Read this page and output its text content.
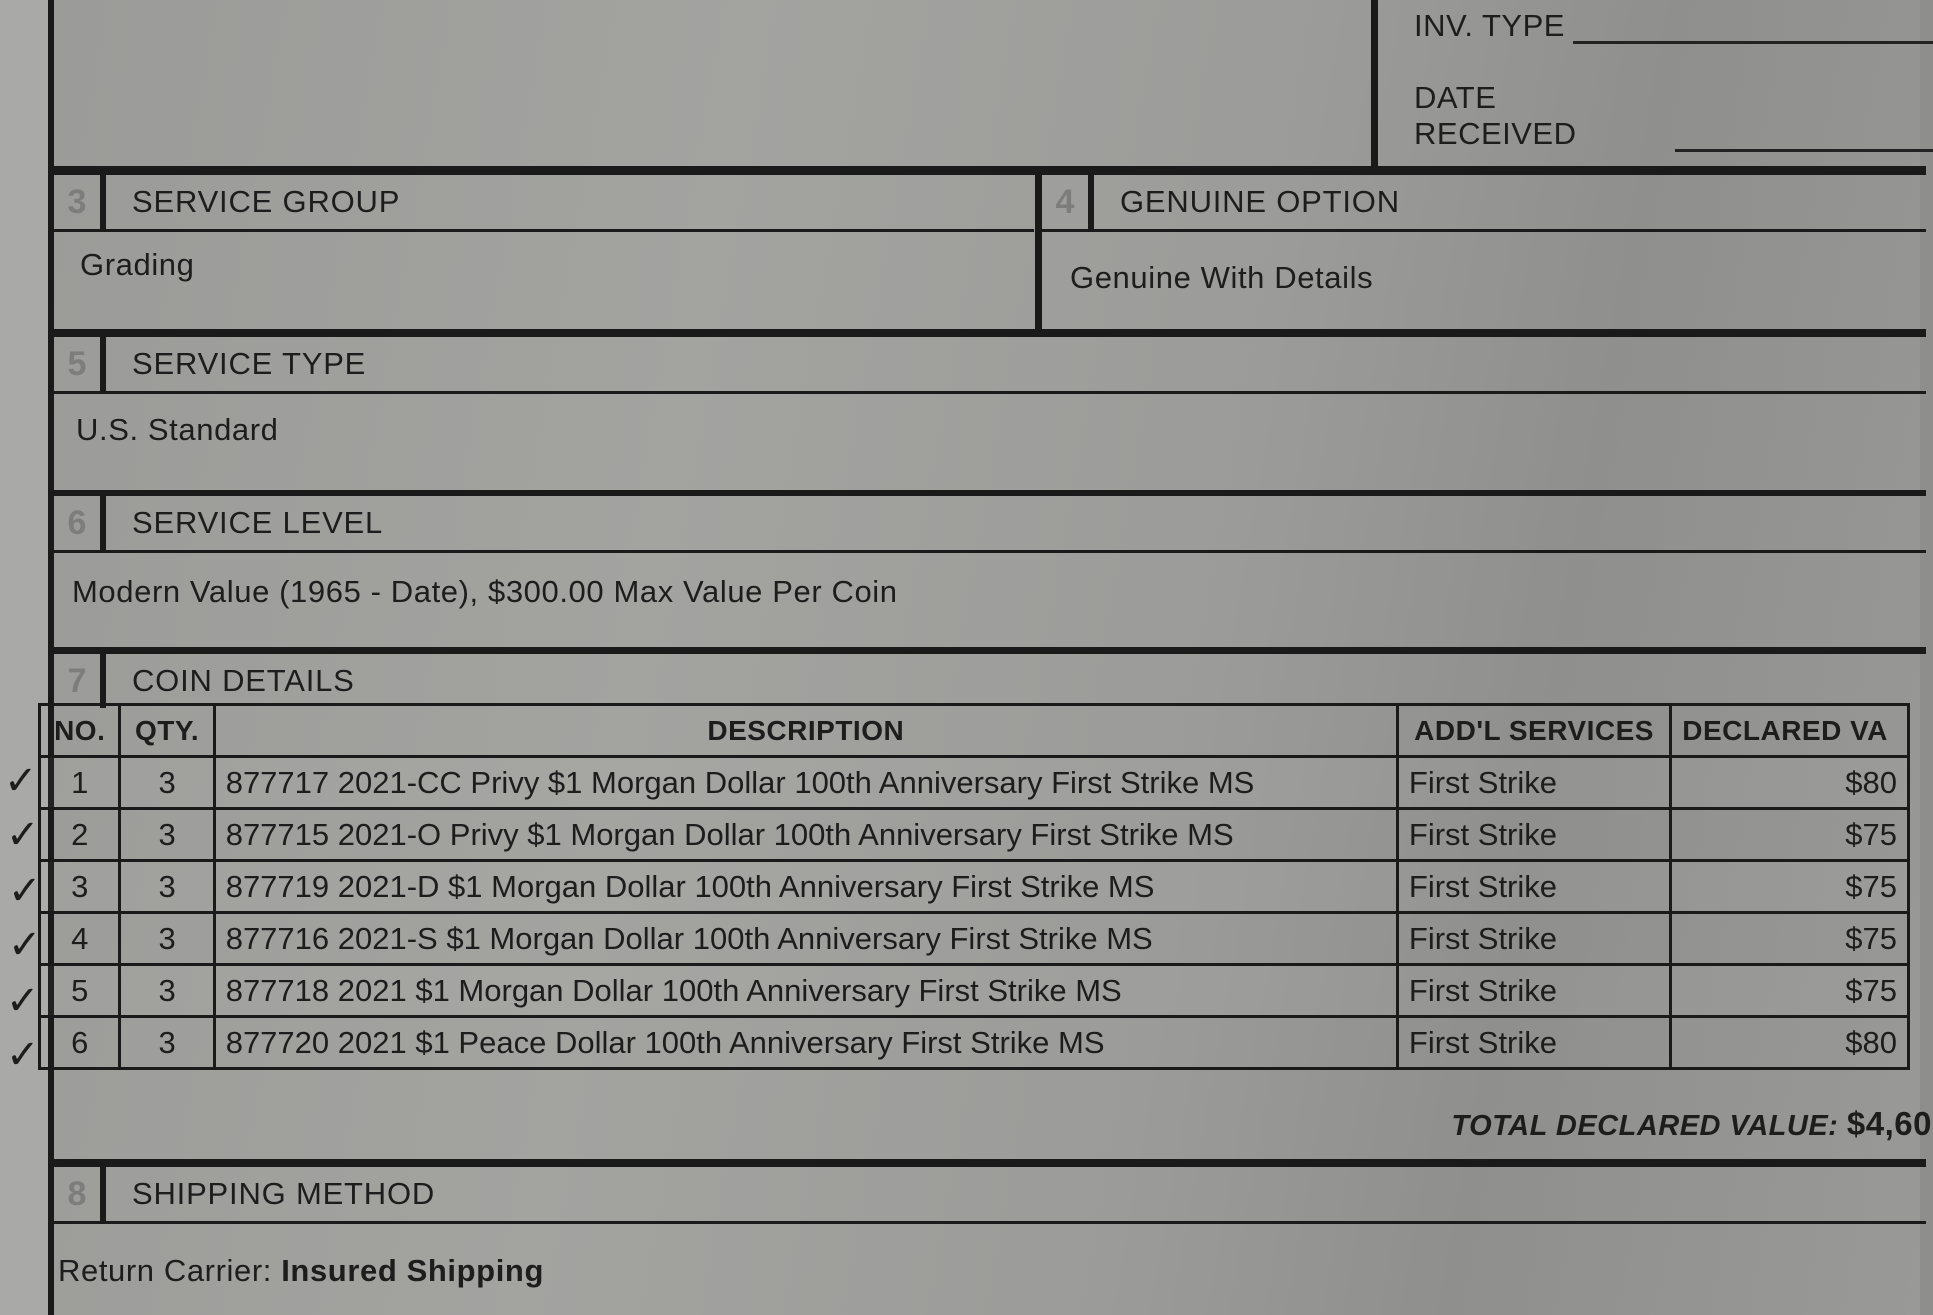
✓
✓
✓
✓
✓
✓
INV. TYPE
DATE RECEIVED
3	SERVICE GROUP
Grading
4	GENUINE OPTION
Genuine With Details
5	SERVICE TYPE
U.S. Standard
6	SERVICE LEVEL
Modern Value (1965 - Date), $300.00 Max Value Per Coin
7	COIN DETAILS
NO.	QTY.	DESCRIPTION	ADD'L SERVICES	DECLARED VA
1	3	877717 2021-CC Privy $1 Morgan Dollar 100th Anniversary First Strike MS	First Strike	$80
2	3	877715 2021-O Privy $1 Morgan Dollar 100th Anniversary First Strike MS	First Strike	$75
3	3	877719 2021-D $1 Morgan Dollar 100th Anniversary First Strike MS	First Strike	$75
4	3	877716 2021-S $1 Morgan Dollar 100th Anniversary First Strike MS	First Strike	$75
5	3	877718 2021 $1 Morgan Dollar 100th Anniversary First Strike MS	First Strike	$75
6	3	877720 2021 $1 Peace Dollar 100th Anniversary First Strike MS	First Strike	$80
TOTAL DECLARED VALUE: $4,60
8	SHIPPING METHOD
Return Carrier: Insured Shipping
